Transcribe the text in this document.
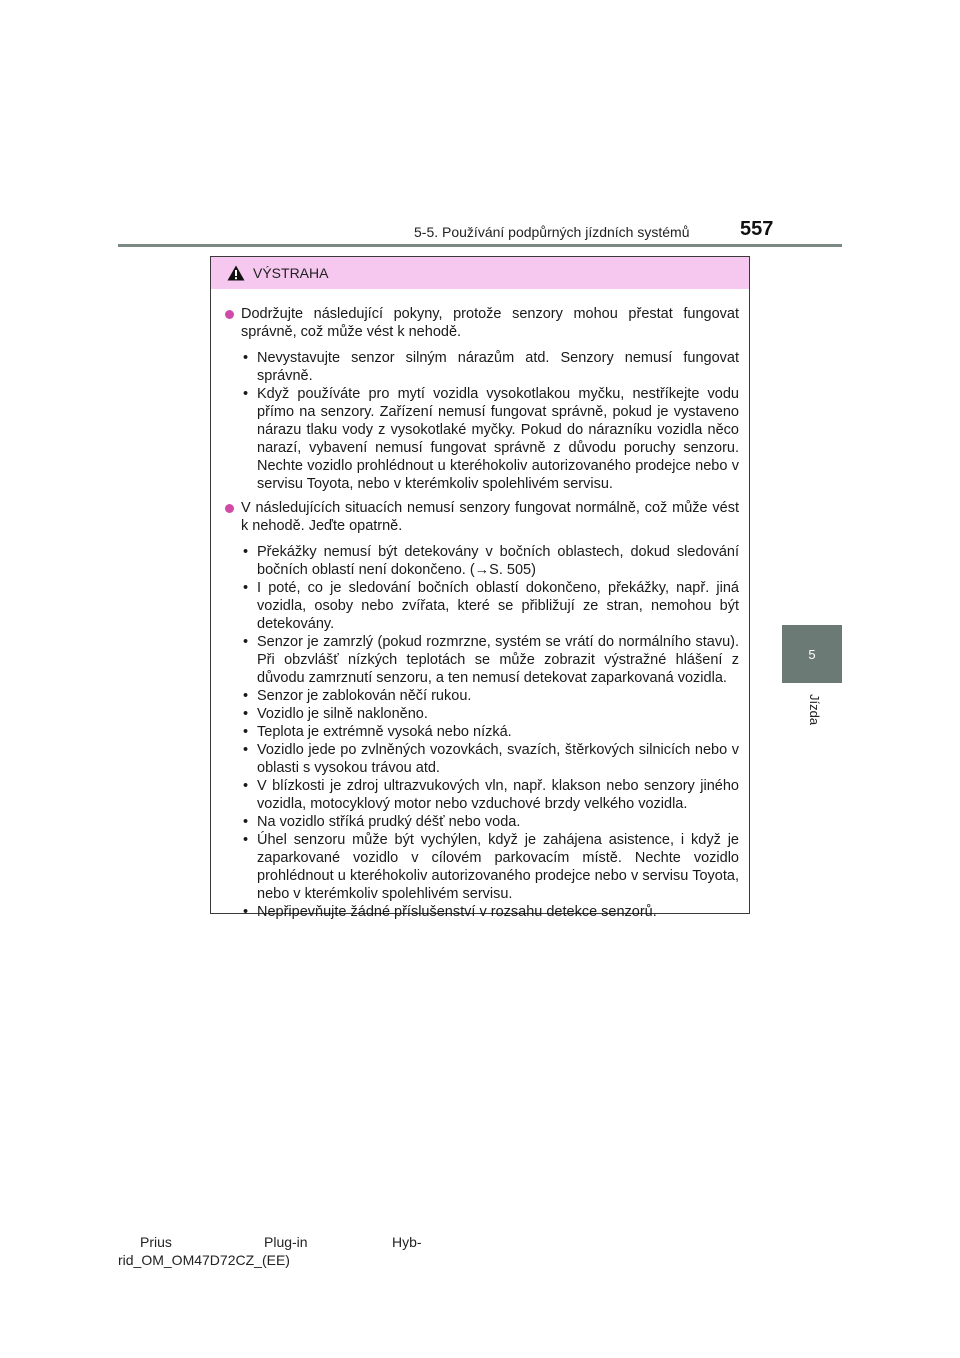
5-5. Používání podpůrných jízdních systémů	557
5
Jízda
VÝSTRAHA
Dodržujte následující pokyny, protože senzory mohou přestat fungovat správně, což může vést k nehodě.
• Nevystavujte senzor silným nárazům atd. Senzory nemusí fungovat správně.
• Když používáte pro mytí vozidla vysokotlakou myčku, nestříkejte vodu přímo na senzory. Zařízení nemusí fungovat správně, pokud je vystaveno nárazu tlaku vody z vysokotlaké myčky. Pokud do nárazníku vozidla něco narazí, vybavení nemusí fungovat správně z důvodu poruchy senzoru. Nechte vozidlo prohlédnout u kteréhokoliv autorizovaného prodejce nebo v servisu Toyota, nebo v kterémkoliv spolehlivém servisu.
V následujících situacích nemusí senzory fungovat normálně, což může vést k nehodě. Jeďte opatrně.
• Překážky nemusí být detekovány v bočních oblastech, dokud sledování bočních oblastí není dokončeno. (→S. 505)
• I poté, co je sledování bočních oblastí dokončeno, překážky, např. jiná vozidla, osoby nebo zvířata, které se přibližují ze stran, nemohou být detekovány.
• Senzor je zamrzlý (pokud rozmrzne, systém se vrátí do normálního stavu). Při obzvlášť nízkých teplotách se může zobrazit výstražné hlášení z důvodu zamrznutí senzoru, a ten nemusí detekovat zaparkovaná vozidla.
• Senzor je zablokován něčí rukou.
• Vozidlo je silně nakloněno.
• Teplota je extrémně vysoká nebo nízká.
• Vozidlo jede po zvlněných vozovkách, svazích, štěrkových silnicích nebo v oblasti s vysokou trávou atd.
• V blízkosti je zdroj ultrazvukových vln, např. klakson nebo senzory jiného vozidla, motocyklový motor nebo vzduchové brzdy velkého vozidla.
• Na vozidlo stříká prudký déšť nebo voda.
• Úhel senzoru může být vychýlen, když je zahájena asistence, i když je zaparkované vozidlo v cílovém parkovacím místě. Nechte vozidlo prohlédnout u kteréhokoliv autorizovaného prodejce nebo v servisu Toyota, nebo v kterémkoliv spolehlivém servisu.
• Nepřipevňujte žádné příslušenství v rozsahu detekce senzorů.
Prius	Plug-in	Hyb-
rid_OM_OM47D72CZ_(EE)
